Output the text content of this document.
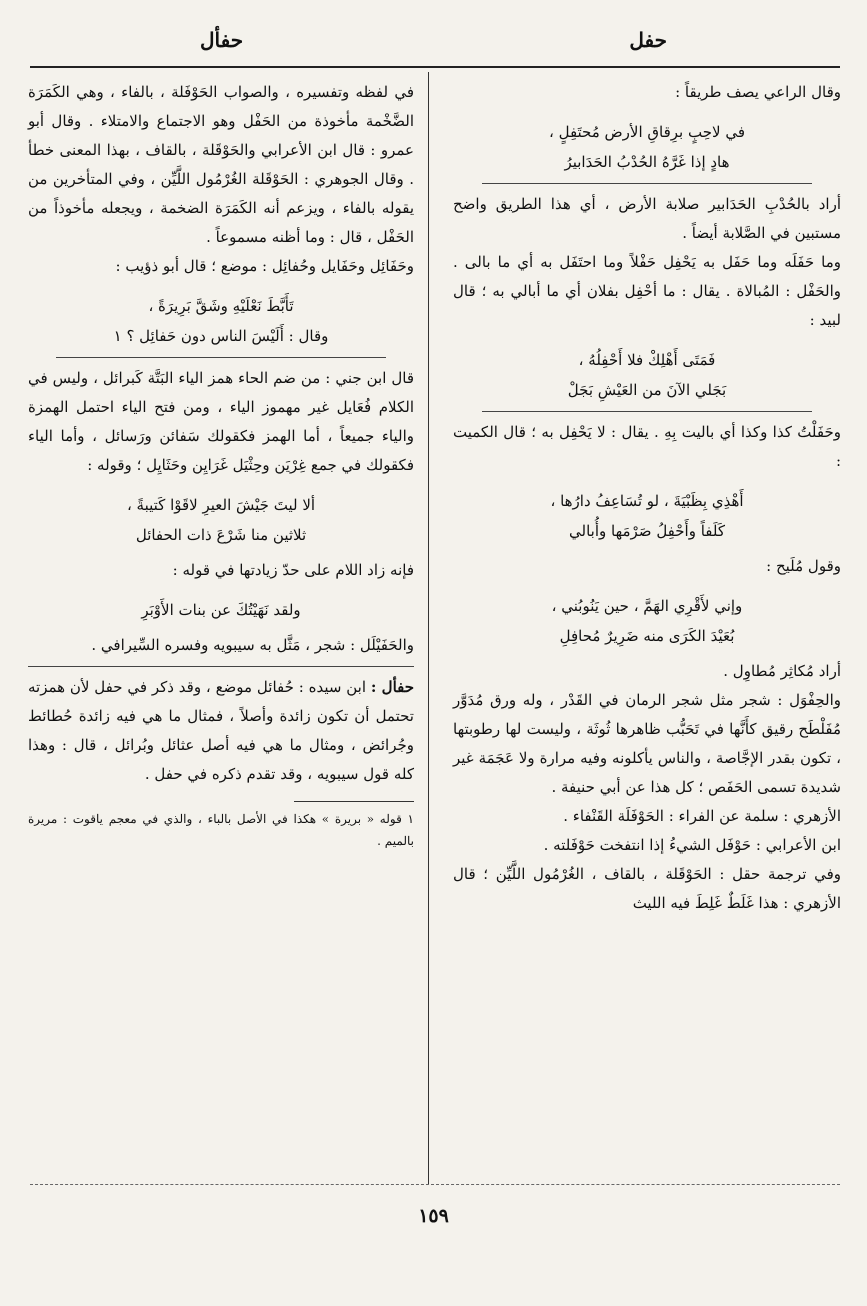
حفل
حفأل

وقال الراعي يصف طريقاً :

في لاحِبٍ برِقاقِ الأرض مُحتَفِلٍ ،
هادٍ إذا غَرَّهُ الحُدْبُ الحَدَابيرُ

أراد بالحُدْبِ الحَدَابير صلابة الأرض ، أي هذا الطريق واضح مستبين في الصَّلابة أيضاً .

وما حَفَلَه وما حَفَل به يَحْفِل حَفْلاً وما احتَفَل به أي ما بالى . والحَفْل : المُبالاة . يقال : ما أحْفِل بفلان أي ما أبالي به ؛ قال لبيد :

فَمَتَى أَهْلِكْ فلا أَحْفِلُهُ ،
بَجَلي الآنَ من العَيْشِ بَجَلْ

وحَفَلْتُ كذا وكذا أي باليت بِهِ . يقال : لا يَحْفِل به ؛ قال الكميت :

أَهْذِي بِظَبْيَةَ ، لو تُسَاعِفُ دارُها ،
كَلَفاً وأَحْفِلُ صَرْمَها وأُبالي

وقول مُلَيح :

وإني لأَقْرِي الهَمَّ ، حين يَنُوبُني ،
بُعَيْدَ الكَرَى منه ضَرِيرٌ مُحافِلِ

أراد مُكاثِر مُطاوِل .

والحِفْوَل : شجر مثل شجر الرمان في القَدْر ، وله ورق مُدَوَّر مُفَلْطَح رقيق كأَنَّها في تَحَبُّب ظاهرها ثُوثَة ، وليست لها رطوبتها ، تكون بقدر الإجَّاصة ، والناس يأكلونه وفيه مرارة ولا عَجَمَة غير شديدة تسمى الحَفَص ؛ كل هذا عن أبي حنيفة .

الأزهري : سلمة عن الفراء : الحَوْفَلَة القَنْفاء .

ابن الأعرابي : حَوْفَل الشيءُ إذا انتفخت حَوْفَلته .

وفي ترجمة حقل : الحَوْقَلة ، بالقاف ، الغُرْمُول اللَّيِّن ؛ قال الأزهري : هذا غَلَطٌ غَلِطَ فيه الليث

في لفظه وتفسيره ، والصواب الحَوْفَلة ، بالفاء ، وهي الكَمَرَة الضَّخْمة مأخوذة من الحَفْل وهو الاجتماع والامتلاء . وقال أبو عمرو : قال ابن الأعرابي والحَوْقَلة ، بالقاف ، بهذا المعنى خطأ . وقال الجوهري : الحَوْقَلة الغُرْمُول اللَّيِّن ، وفي المتأخرين من يقوله بالفاء ، ويزعم أنه الكَمَرَة الضخمة ، ويجعله مأخوذاً من الحَفْل ، قال : وما أظنه مسموعاً .

وحَفَائِل وحَفَايل وحُفائِل : موضع ؛ قال أبو ذؤيب :

تَأَبَّطَ نَعْلَيْهِ وشَقَّ بَرِيرَةً ،
وقال : أَلَيْسَ الناس دون حَفائِل ؟ ١

قال ابن جني : من ضم الحاء همز الياء البَتَّة كَبرائل ، وليس في الكلام فُعَايل غير مهموز الياء ، ومن فتح الياء احتمل الهمزة والياء جميعاً ، أما الهمز فكقولك سَفائن ورَسائل ، وأما الياء فكقولك في جمع غِرْيَن وحِثْيَل غَرَايِن وحَثَايِل ؛ وقوله :

ألا ليتَ جَيْشَ العيرِ لاقَوْا كَتيبةً ،
ثلاثين منا شَرْعَ ذات الحفائل

فإنه زاد اللام على حدّ زيادتها في قوله :

ولقد نَهَيْتُكَ عن بنات الأَوْبَرِ

والحَفَيْلَل : شجر ، مَثَّل به سيبويه وفسره السِّيرافي .

حفأل : ابن سيده : حُفائل موضع ، وقد ذكر في حفل لأن همزته تحتمل أن تكون زائدة وأصلاً ، فمثال ما هي فيه زائدة حُطائط وجُرائض ، ومثال ما هي فيه أصل عثائل وبُرائل ، قال : وهذا كله قول سيبويه ، وقد تقدم ذكره في حفل .

١ قوله « بريرة » هكذا في الأصل بالباء ، والذي في معجم ياقوت : مريرة بالميم .

١٥٩
